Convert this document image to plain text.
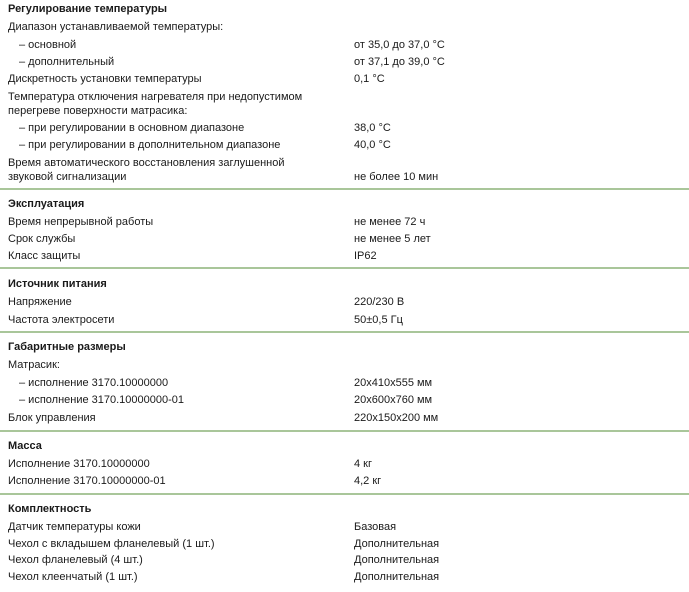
Регулирование температуры
Диапазон устанавливаемой температуры:
– основной	от 35,0 до 37,0 °C
– дополнительный	от 37,1 до 39,0 °C
Дискретность установки температуры	0,1 °C
Температура отключения нагревателя при недопустимом
перегреве поверхности матрасика:
– при регулировании в основном диапазоне	38,0 °C
– при регулировании в дополнительном диапазоне	40,0 °C
Время автоматического восстановления заглушенной
звуковой сигнализации	не более 10 мин
Эксплуатация
Время непрерывной работы	не менее 72 ч
Срок службы	не менее 5 лет
Класс защиты	IP62
Источник питания
Напряжение	220/230 В
Частота электросети	50±0,5 Гц
Габаритные размеры
Матрасик:
– исполнение 3170.10000000	20x410x555 мм
– исполнение 3170.10000000-01	20x600x760 мм
Блок управления	220x150x200 мм
Масса
Исполнение 3170.10000000	4 кг
Исполнение 3170.10000000-01	4,2 кг
Комплектность
Датчик температуры кожи	Базовая
Чехол с вкладышем фланелевый (1 шт.)	Дополнительная
Чехол фланелевый (4 шт.)	Дополнительная
Чехол клеенчатый (1 шт.)	Дополнительная
